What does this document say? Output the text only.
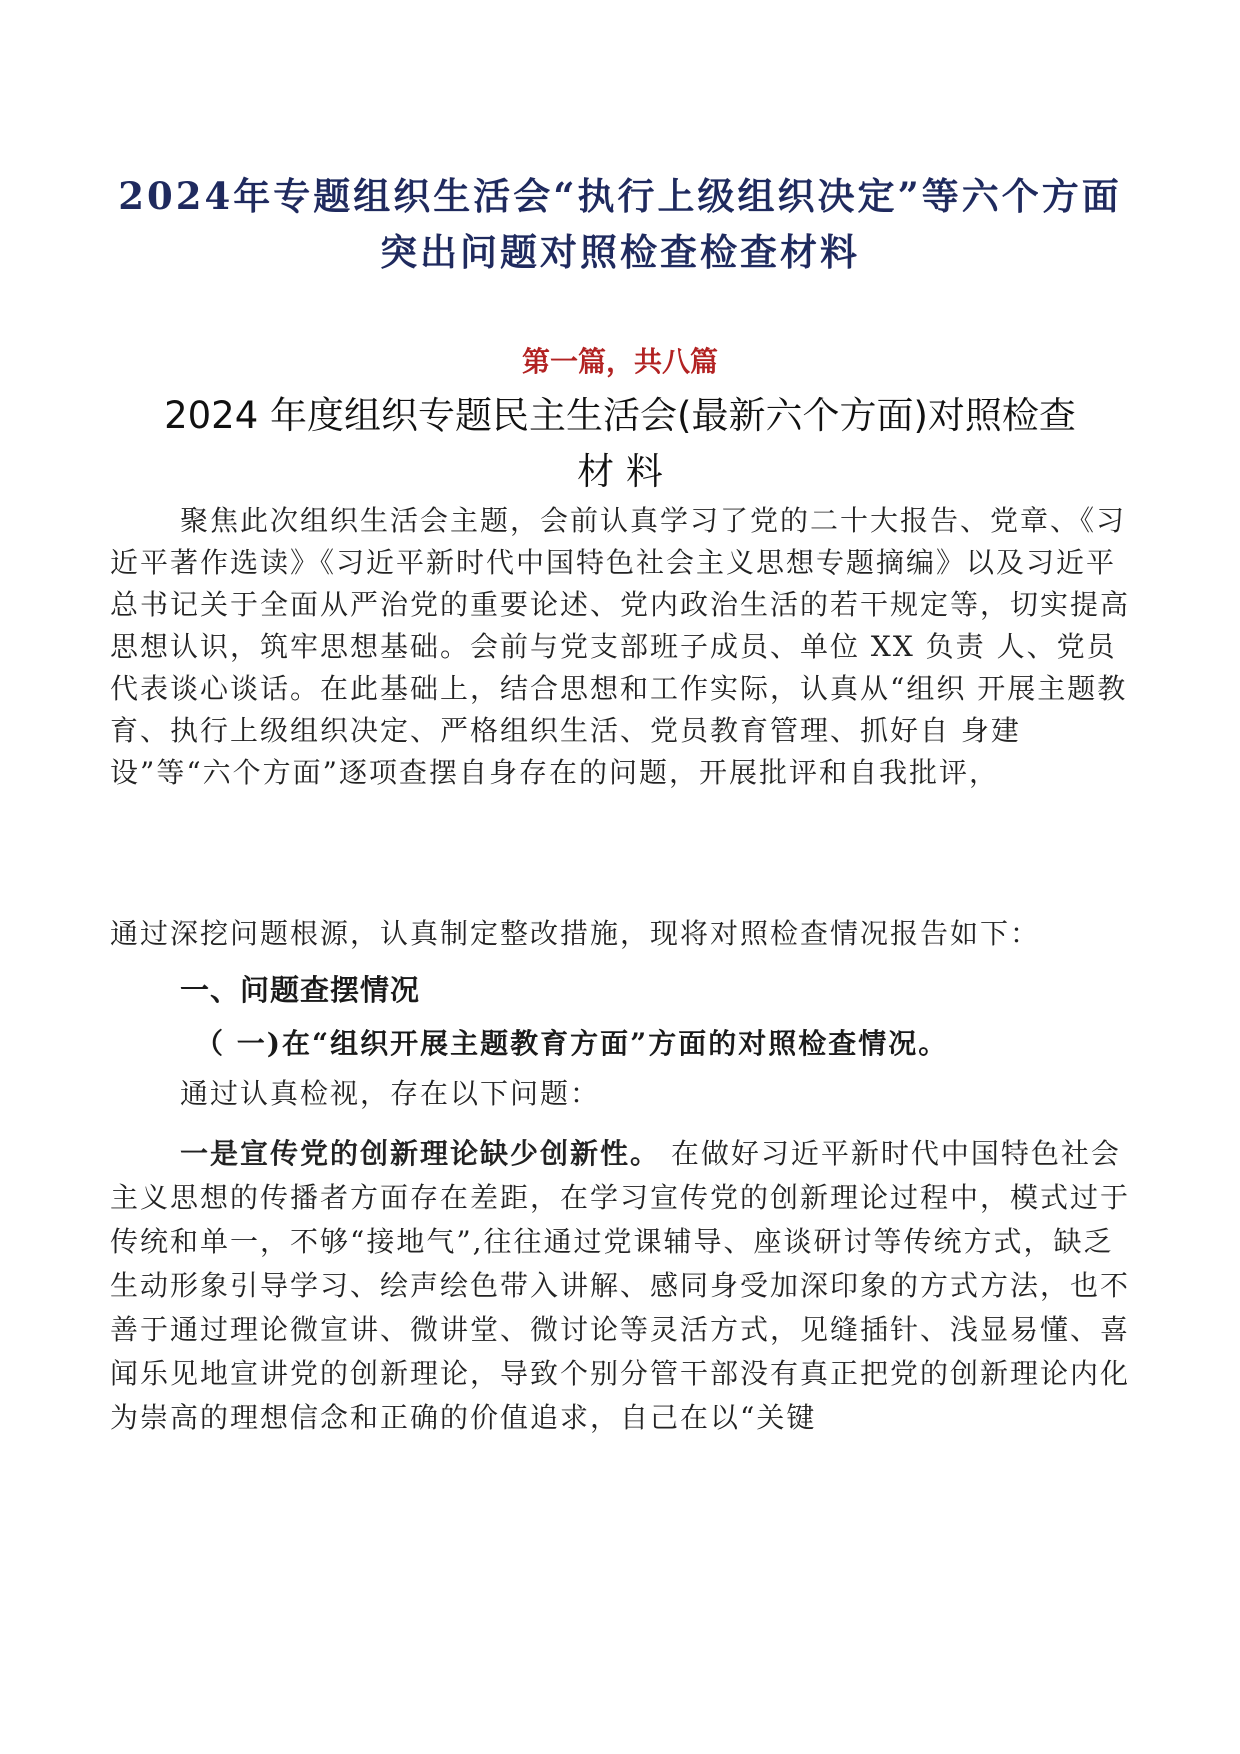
2024年专题组织生活会“执行上级组织决定”等六个方面突出问题对照检查检查材料
第一篇，共八篇
2024 年度组织专题民主生活会(最新六个方面)对照检查材 料
聚焦此次组织生活会主题，会前认真学习了党的二十大报告、党章、《习近平著作选读》《习近平新时代中国特色社会主义思想专题摘编》以及习近平总书记关于全面从严治党的重要论述、党内政治生活的若干规定等，切实提高思想认识，筑牢思想基础。会前与党支部班子成员、单位 XX 负责 人、党员代表谈心谈话。在此基础上，结合思想和工作实际，认真从“组织 开展主题教育、执行上级组织决定、严格组织生活、党员教育管理、抓好自 身建设”等“六个方面”逐项查摆自身存在的问题，开展批评和自我批评，
通过深挖问题根源，认真制定整改措施，现将对照检查情况报告如下：
一、问题查摆情况
（ 一)在“组织开展主题教育方面”方面的对照检查情况。
通过认真检视，存在以下问题：
一是宣传党的创新理论缺少创新性。 在做好习近平新时代中国特色社会主义思想的传播者方面存在差距，在学习宣传党的创新理论过程中，模式过于传统和单一，不够“接地气”,往往通过党课辅导、座谈研讨等传统方式，缺乏生动形象引导学习、绘声绘色带入讲解、感同身受加深印象的方式方法，也不善于通过理论微宣讲、微讲堂、微讨论等灵活方式，见缝插针、浅显易懂、喜闻乐见地宣讲党的创新理论，导致个别分管干部没有真正把党的创新理论内化为崇高的理想信念和正确的价值追求，自己在以“关键
